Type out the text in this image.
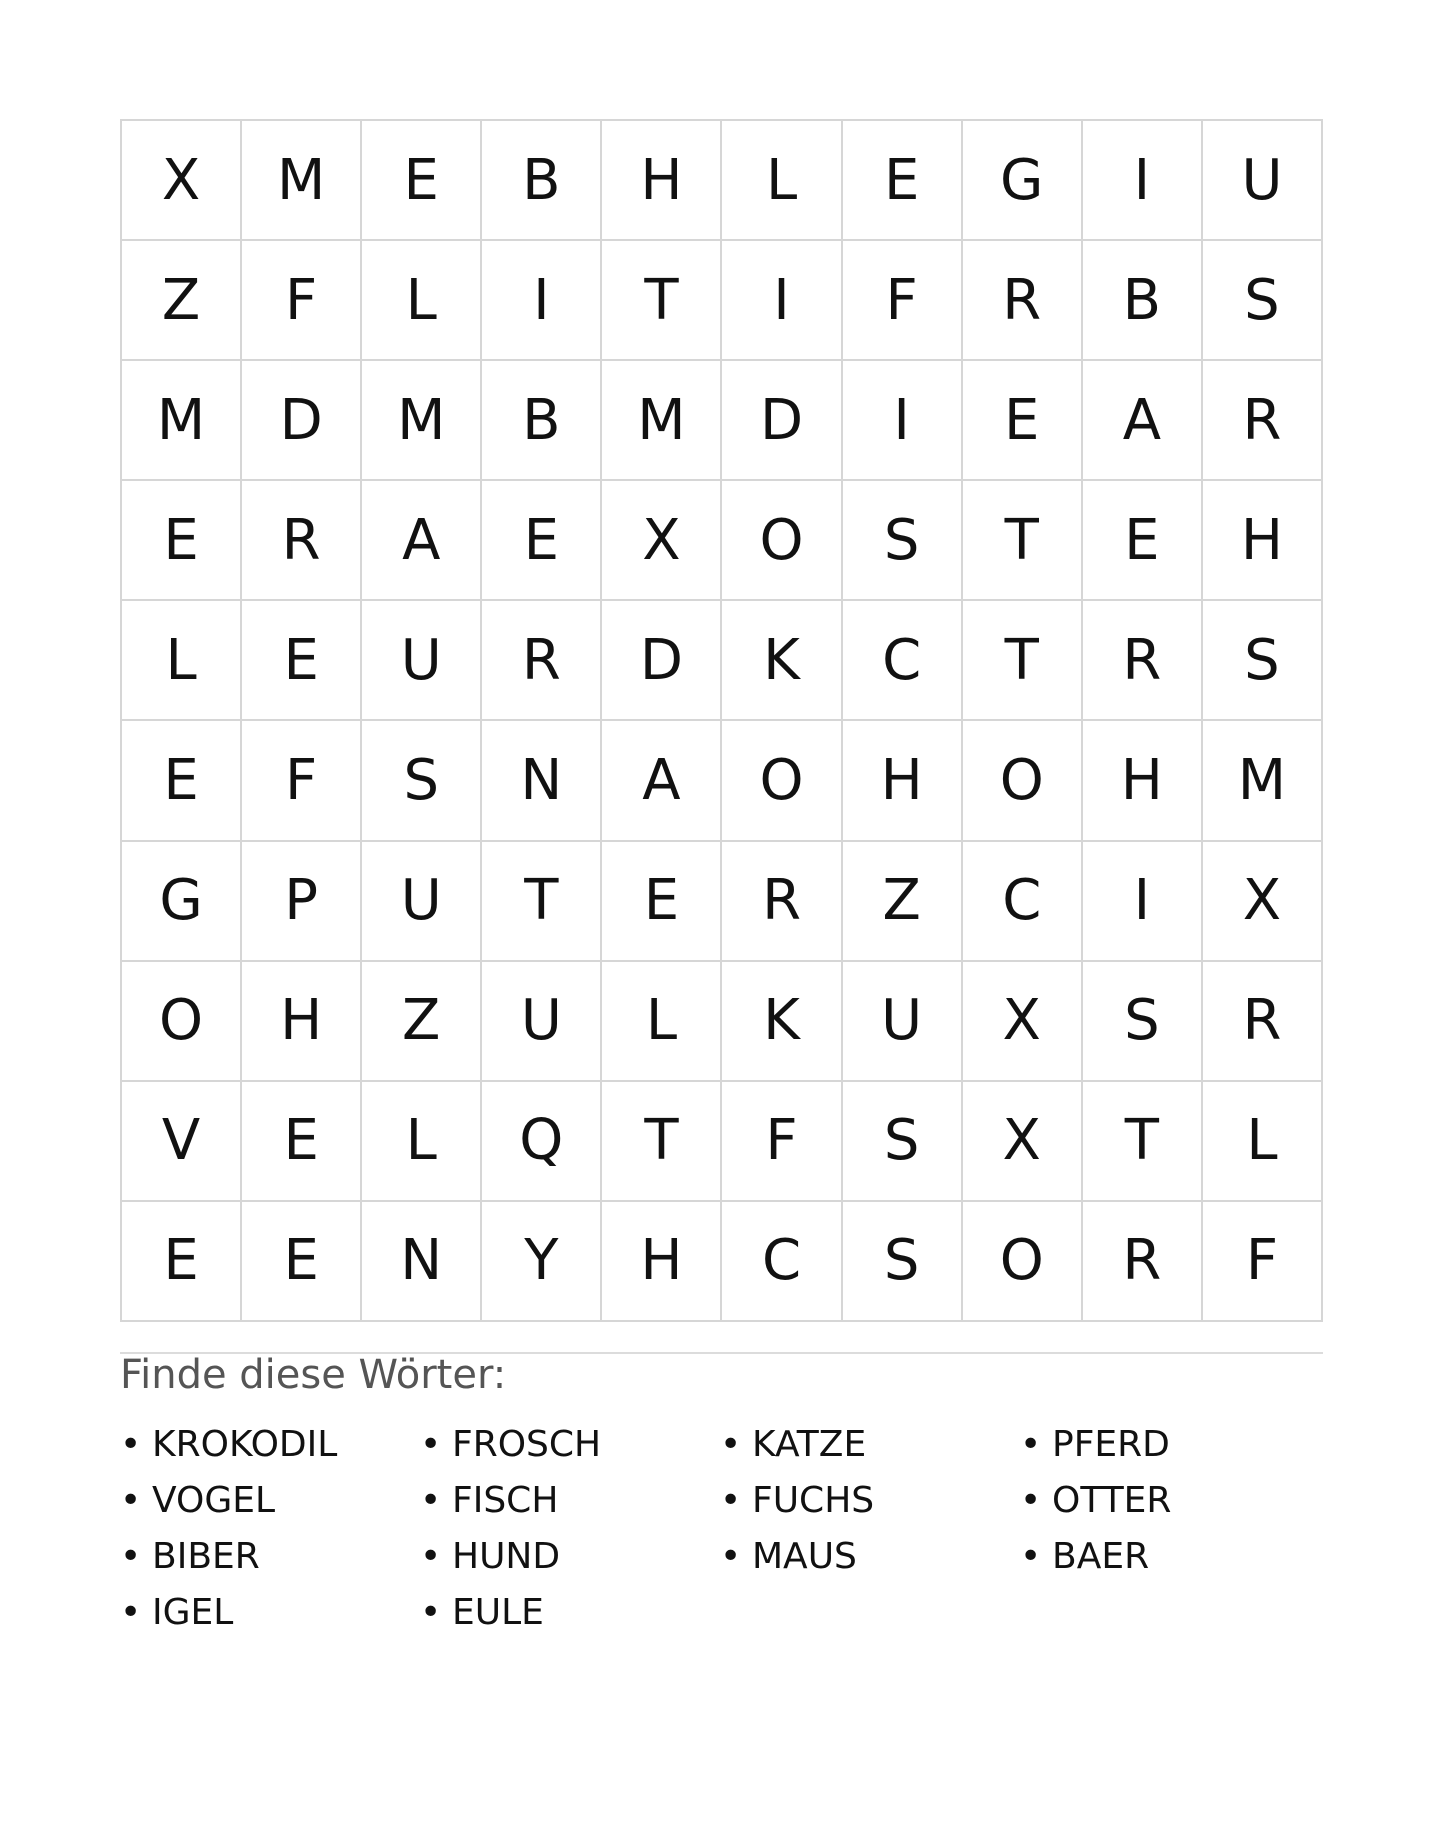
X	M	E	B	H	L	E	G	I	U
Z	F	L	I	T	I	F	R	B	S
M	D	M	B	M	D	I	E	A	R
E	R	A	E	X	O	S	T	E	H
L	E	U	R	D	K	C	T	R	S
E	F	S	N	A	O	H	O	H	M
G	P	U	T	E	R	Z	C	I	X
O	H	Z	U	L	K	U	X	S	R
V	E	L	Q	T	F	S	X	T	L
E	E	N	Y	H	C	S	O	R	F
Finde diese Wörter:
• KROKODIL • FROSCH	• KATZE	• PFERD
• VOGEL	• FISCH	• FUCHS	• OTTER
• BIBER	• HUND	• MAUS	• BAER
• IGEL	• EULE
